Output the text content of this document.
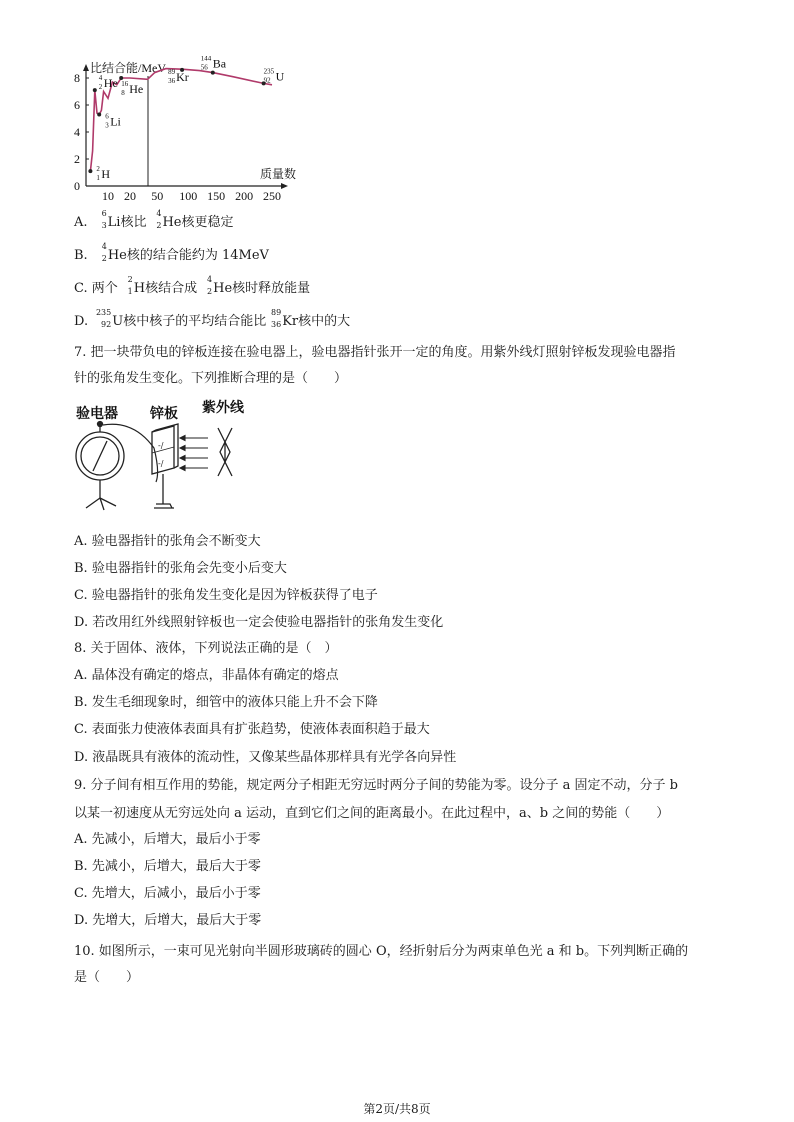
比结合能/MeV
质量数
0
2
4
6
8
10 20 50 100 150 200 250
2
1 H
6
3 Li
4
2 He 16
8 He
89
36 Kr
144
56 Ba
235
92 U
A.
6
3 Li核比
4
2 He核更稳定
B.
4
2 He核的结合能约为 14MeV
C. 两个
2
1 H核结合成
4
2 He核时释放能量
D.
235
92 U核中核子的平均结合能比
89
36 Kr核中的大
7. 把一块带负电的锌板连接在验电器上，验电器指针张开一定的角度。用紫外线灯照射锌板发现验电器指
针的张角发生变化。下列推断合理的是（　　）
验电器 锌板 紫外线
-/
-/
A. 验电器指针的张角会不断变大
B. 验电器指针的张角会先变小后变大
C. 验电器指针的张角发生变化是因为锌板获得了电子
D. 若改用红外线照射锌板也一定会使验电器指针的张角发生变化
8. 关于固体、液体，下列说法正确的是（　）
A. 晶体没有确定的熔点，非晶体有确定的熔点
B. 发生毛细现象时，细管中的液体只能上升不会下降
C. 表面张力使液体表面具有扩张趋势，使液体表面积趋于最大
D. 液晶既具有液体的流动性，又像某些晶体那样具有光学各向异性
9. 分子间有相互作用的势能，规定两分子相距无穷远时两分子间的势能为零。设分子 a 固定不动，分子 b
以某一初速度从无穷远处向 a 运动，直到它们之间的距离最小。在此过程中，a、b 之间的势能（　　）
A. 先减小，后增大，最后小于零
B. 先减小，后增大，最后大于零
C. 先增大，后减小，最后小于零
D. 先增大，后增大，最后大于零
10. 如图所示，一束可见光射向半圆形玻璃砖的圆心 O，经折射后分为两束单色光 a 和 b。下列判断正确的
是（　　）
第2页/共8页
